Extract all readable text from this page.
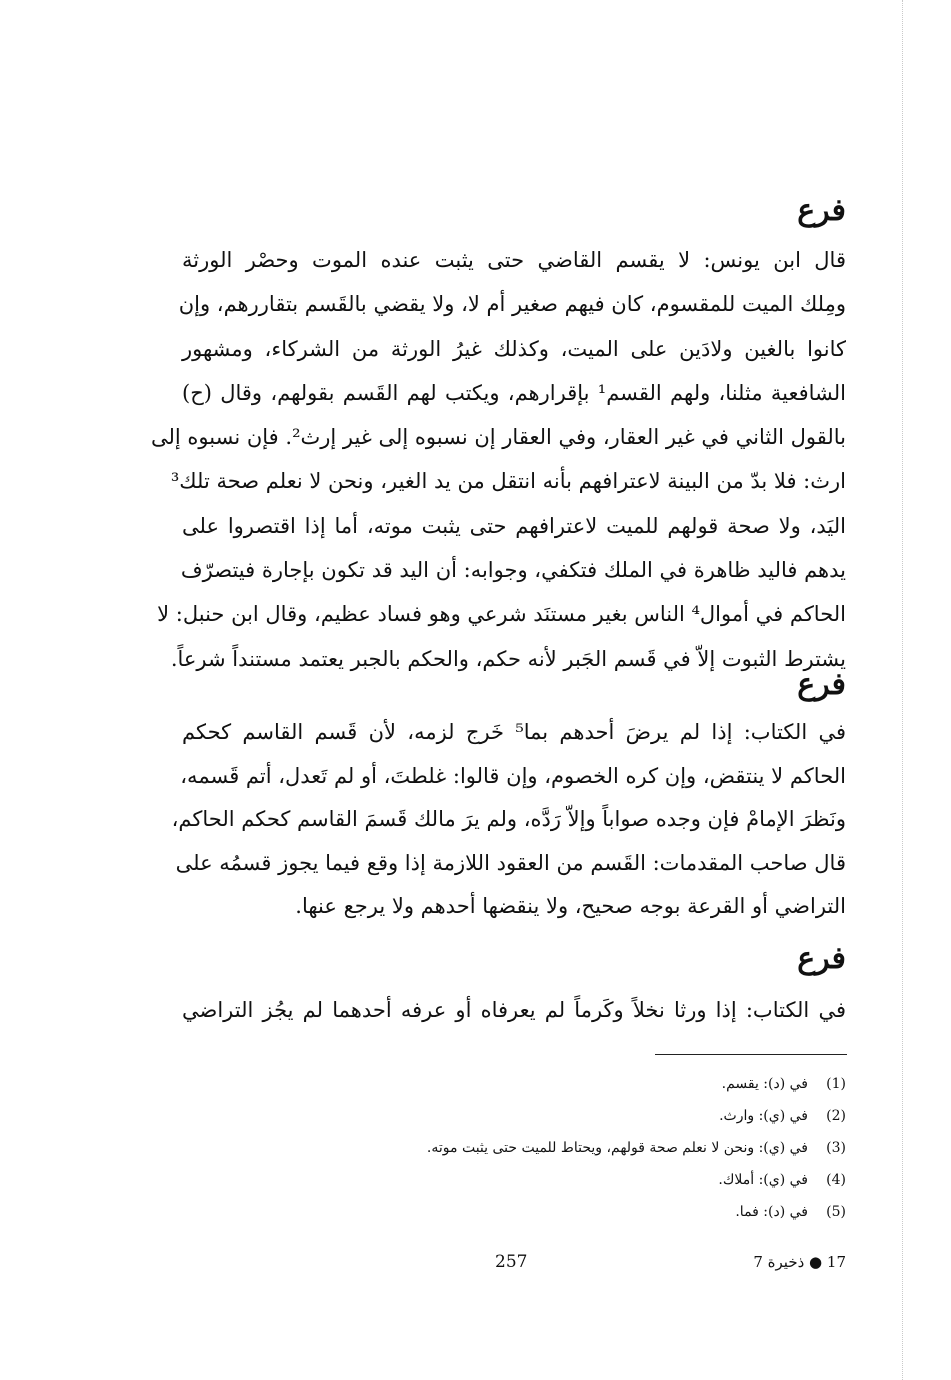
فرع
قال ابن يونس: لا يقسم القاضي حتى يثبت عنده الموت وحصْر الورثة
ومِلك الميت للمقسوم، كان فيهم صغير أم لا، ولا يقضي بالقَسم بتقاررهم، وإن
كانوا بالغين ولادَين على الميت، وكذلك غيرُ الورثة من الشركاء، ومشهور
الشافعية مثلنا، ولهم القسم¹ بإقرارهم، ويكتب لهم القَسم بقولهم، وقال (ح)
بالقول الثاني في غير العقار، وفي العقار إن نسبوه إلى غير إرث². فإن نسبوه إلى
ارث: فلا بدّ من البينة لاعترافهم بأنه انتقل من يد الغير، ونحن لا نعلم صحة تلك³
اليَد، ولا صحة قولهم للميت لاعترافهم حتى يثبت موته، أما إذا اقتصروا على
يدهم فاليد ظاهرة في الملك فتكفي، وجوابه: أن اليد قد تكون بإجارة فيتصرّف
الحاكم في أموال⁴ الناس بغير مستنَد شرعي وهو فساد عظيم، وقال ابن حنبل: لا
يشترط الثبوت إلاّ في قَسم الجَبر لأنه حكم، والحكم بالجبر يعتمد مستنداً شرعاً.
فرع
في الكتاب: إذا لم يرضَ أحدهم بما⁵ خَرج لزمه، لأن قَسم القاسم كحكم
الحاكم لا ينتقض، وإن كره الخصوم، وإن قالوا: غلطتَ، أو لم تَعدل، أتم قَسمه،
ونَظرَ الإمامْ فإن وجده صواباً وإلاّ رَدَّه، ولم يرَ مالك قَسمَ القاسم كحكم الحاكم،
قال صاحب المقدمات: القَسم من العقود اللازمة إذا وقع فيما يجوز قسمُه على
التراضي أو القرعة بوجه صحيح، ولا ينقضها أحدهم ولا يرجع عنها.
فرع
في الكتاب: إذا ورثا نخلاً وكَرماً لم يعرفاه أو عرفه أحدهما لم يجُز التراضي
(1)
في (د): يقسم.
(2)
في (ي): وارث.
(3)
في (ي): ونحن لا نعلم صحة قولهم، ويحتاط للميت حتى يثبت موته.
(4)
في (ي): أملاك.
(5)
في (د): فما.
257	17 ● ذخيرة 7
